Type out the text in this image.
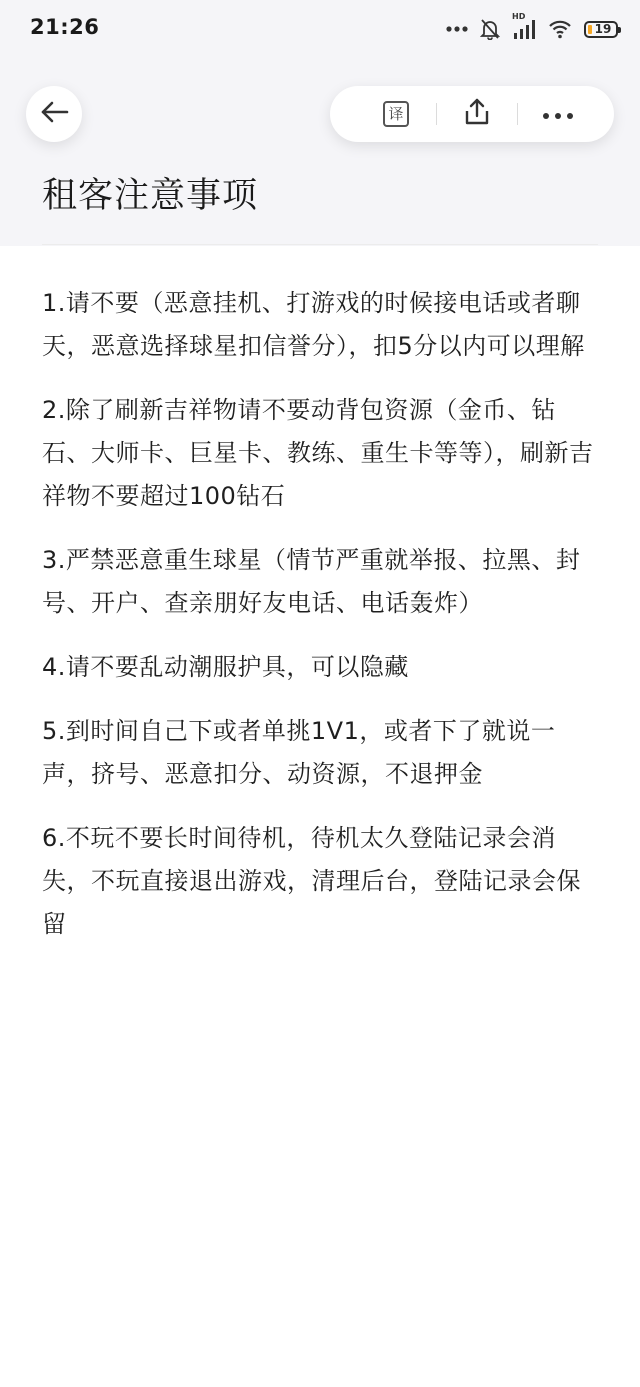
21:26	HD
19
译
租客注意事项

1.请不要（恶意挂机、打游戏的时候接电话或者聊天，恶意选择球星扣信誉分），扣5分以内可以理解

2.除了刷新吉祥物请不要动背包资源（金币、钻石、大师卡、巨星卡、教练、重生卡等等），刷新吉祥物不要超过100钻石

3.严禁恶意重生球星（情节严重就举报、拉黑、封号、开户、查亲朋好友电话、电话轰炸）

4.请不要乱动潮服护具，可以隐藏

5.到时间自己下或者单挑1V1，或者下了就说一声，挤号、恶意扣分、动资源，不退押金

6.不玩不要长时间待机，待机太久登陆记录会消失，不玩直接退出游戏，清理后台，登陆记录会保留
